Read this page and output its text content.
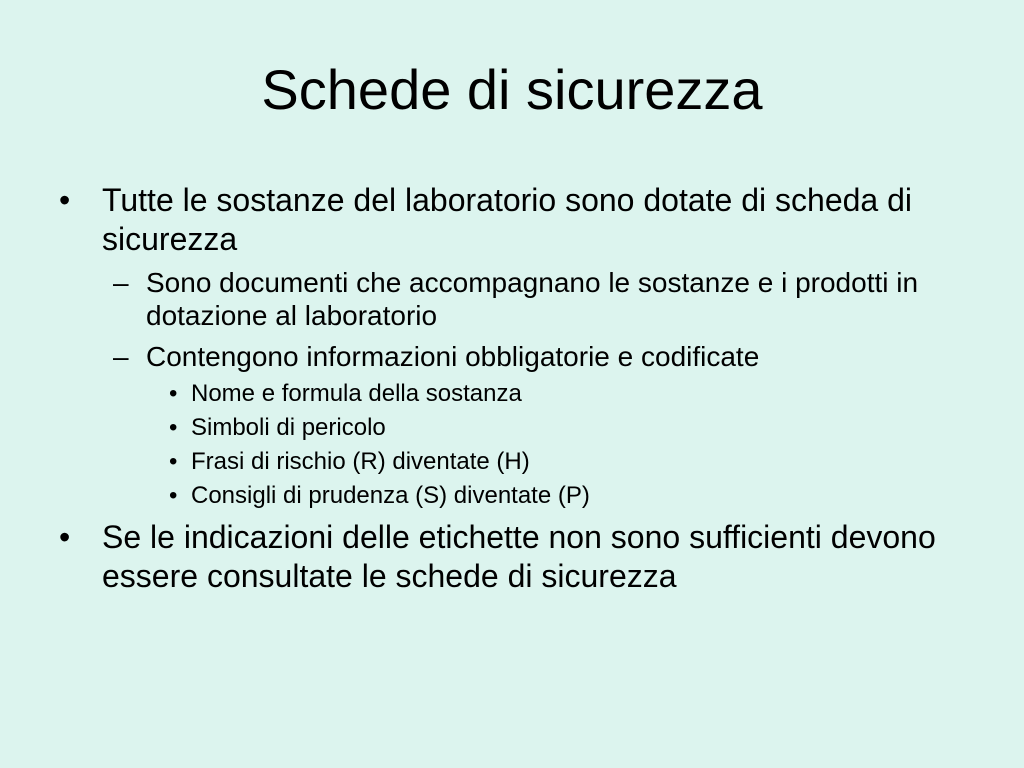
Schede di sicurezza
• Tutte le sostanze del laboratorio sono dotate di scheda di sicurezza
– Sono documenti che accompagnano le sostanze e i prodotti in dotazione al laboratorio
– Contengono informazioni obbligatorie e codificate
• Nome e formula della sostanza
• Simboli di pericolo
• Frasi di rischio (R) diventate (H)
• Consigli di prudenza (S) diventate (P)
• Se le indicazioni delle etichette non sono sufficienti devono essere consultate le schede di sicurezza
